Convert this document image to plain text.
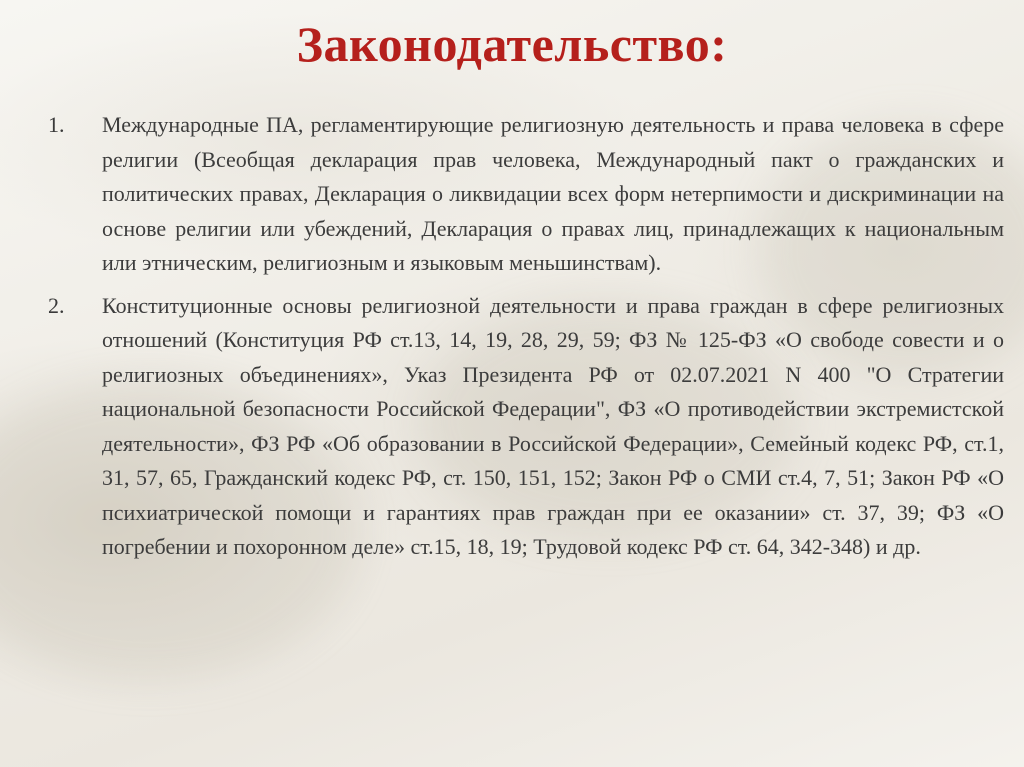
Законодательство:
1.	Международные ПА, регламентирующие религиозную деятельность и права человека в сфере религии (Всеобщая декларация прав человека, Международный пакт о гражданских и политических правах, Декларация о ликвидации всех форм нетерпимости и дискриминации на основе религии или убеждений, Декларация о правах лиц, принадлежащих к национальным или этническим, религиозным и языковым меньшинствам).
2.	Конституционные основы религиозной деятельности и права граждан в сфере религиозных отношений (Конституция РФ ст.13, 14, 19, 28, 29, 59; ФЗ № 125-ФЗ «О свободе совести и о религиозных объединениях», Указ Президента РФ от 02.07.2021 N 400 "О Стратегии национальной безопасности Российской Федерации", ФЗ «О противодействии экстремистской деятельности», ФЗ РФ «Об образовании в Российской Федерации», Семейный кодекс РФ, ст.1, 31, 57, 65, Гражданский кодекс РФ, ст. 150, 151, 152; Закон РФ о СМИ ст.4, 7, 51; Закон РФ «О психиатрической помощи и гарантиях прав граждан при ее оказании» ст. 37, 39; ФЗ «О погребении и похоронном деле» ст.15, 18, 19; Трудовой кодекс РФ ст. 64, 342-348) и др.
